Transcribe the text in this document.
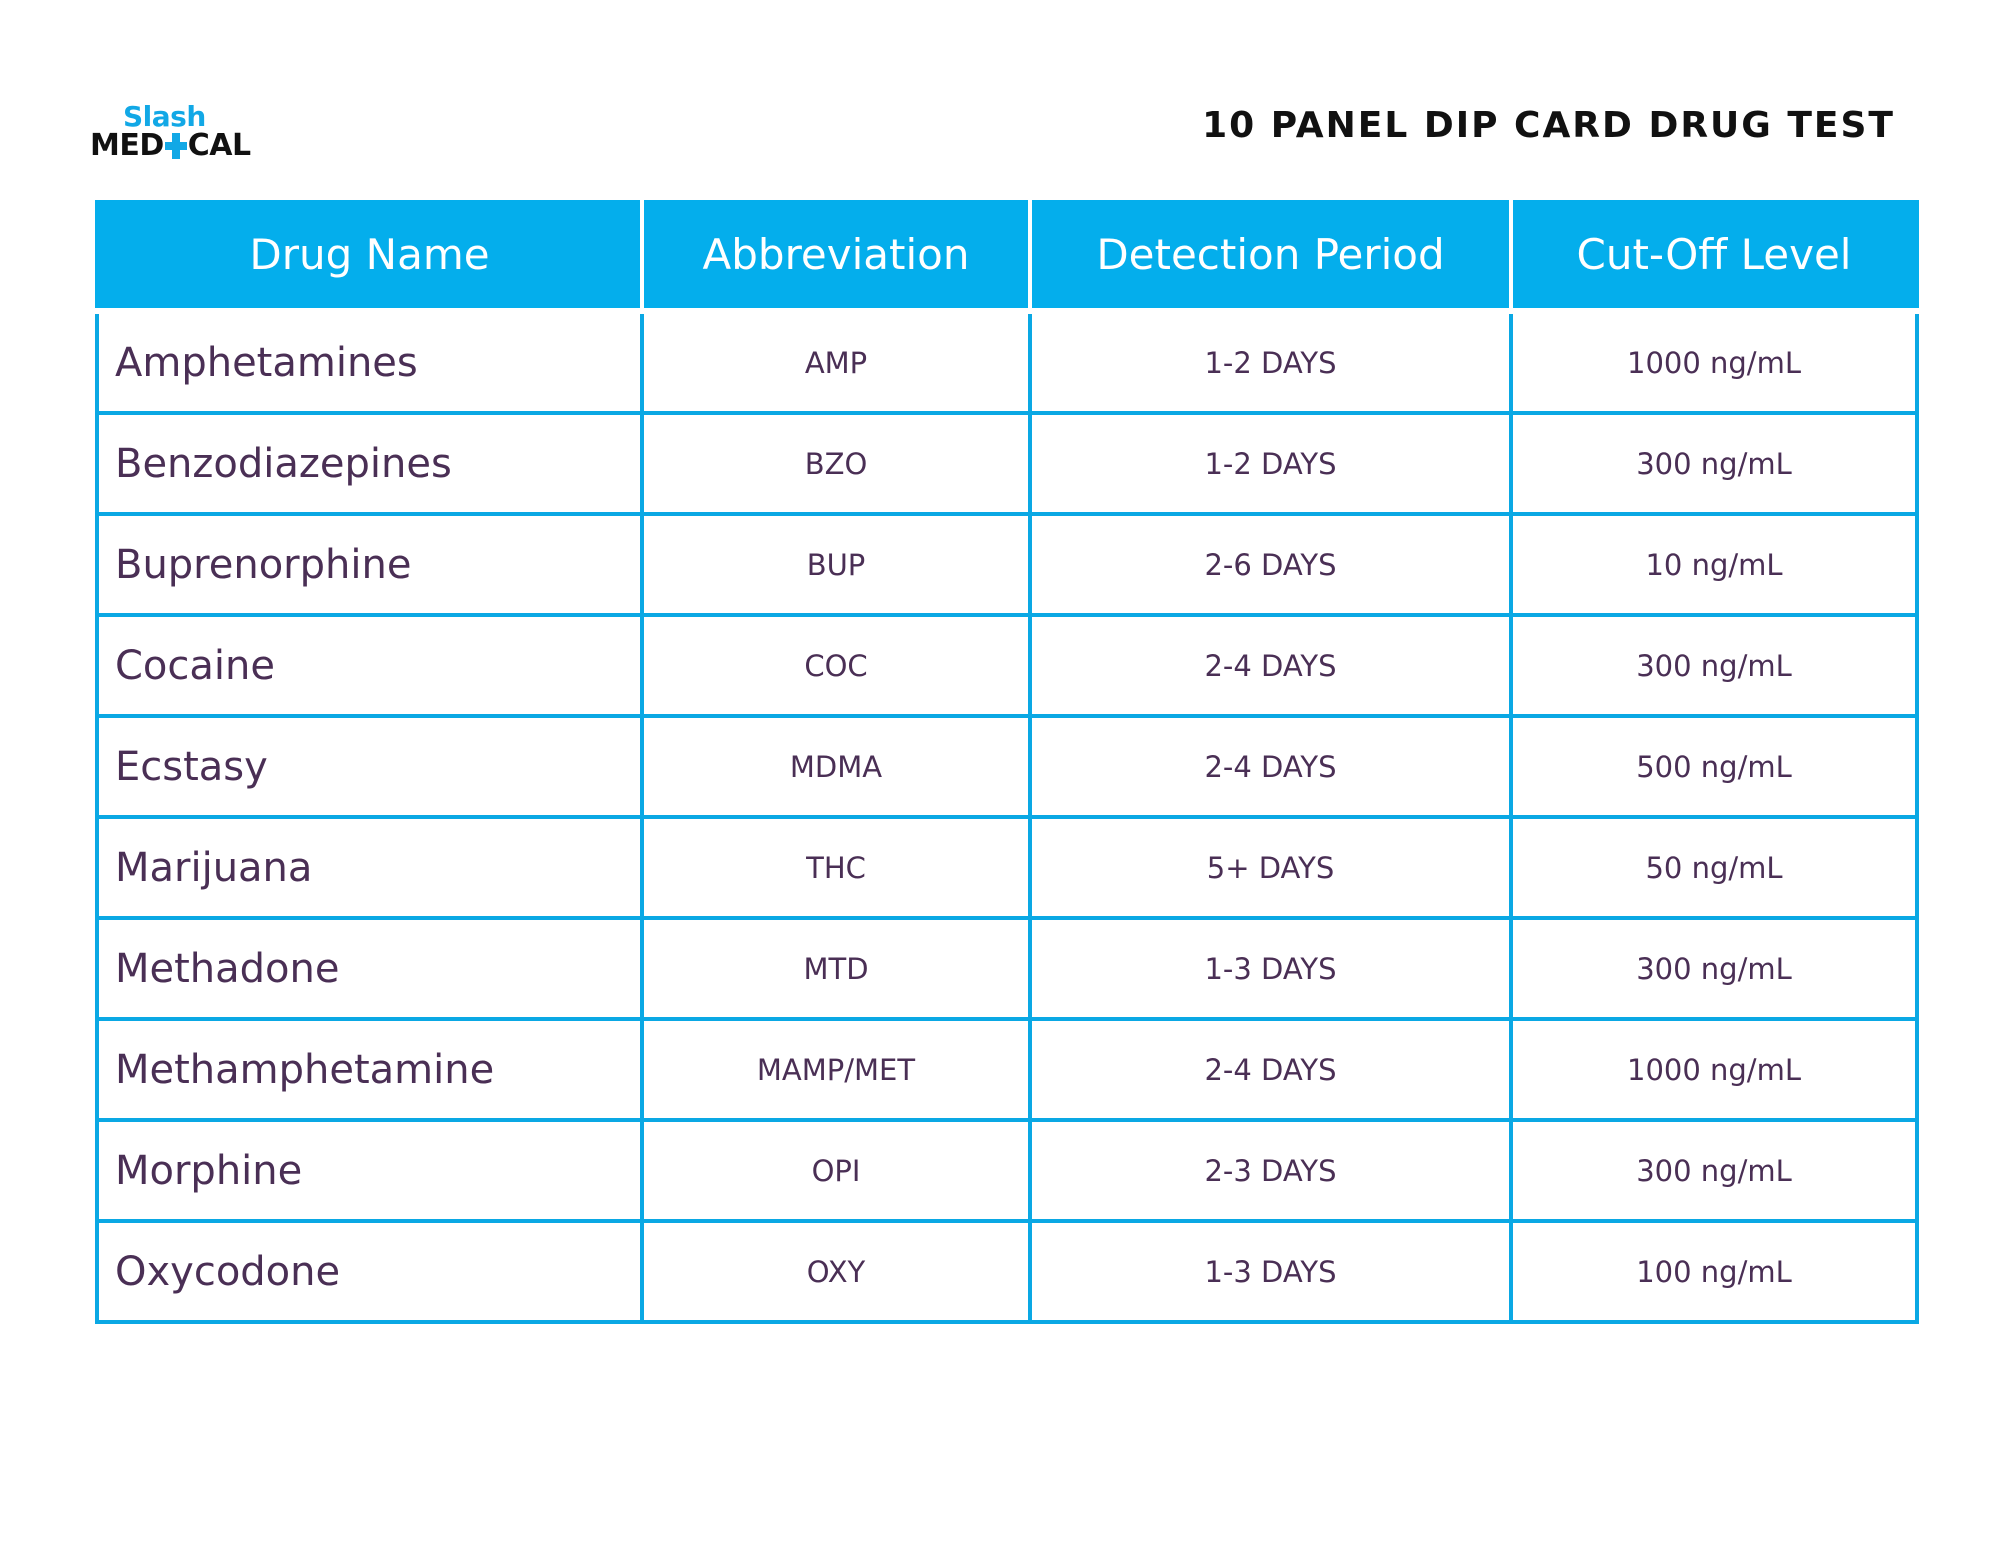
Slash
MED CAL	10 PANEL DIP CARD DRUG TEST
Drug Name	Abbreviation	Detection Period	Cut-Off Level
Amphetamines	AMP	1-2 DAYS	1000 ng/mL
Benzodiazepines	BZO	1-2 DAYS	300 ng/mL
Buprenorphine	BUP	2-6 DAYS	10 ng/mL
Cocaine	COC	2-4 DAYS	300 ng/mL
Ecstasy	MDMA	2-4 DAYS	500 ng/mL
Marijuana	THC	5+ DAYS	50 ng/mL
Methadone	MTD	1-3 DAYS	300 ng/mL
Methamphetamine	MAMP/MET	2-4 DAYS	1000 ng/mL
Morphine	OPI	2-3 DAYS	300 ng/mL
Oxycodone	OXY	1-3 DAYS	100 ng/mL
